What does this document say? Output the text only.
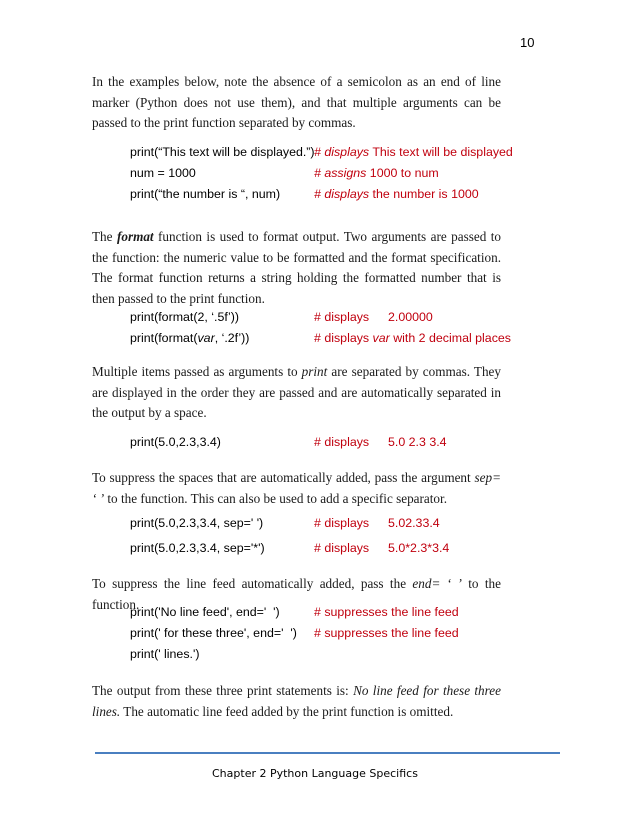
10

In the examples below, note the absence of a semicolon as an end of line marker (Python does not use them), and that multiple arguments can be passed to the print function separated by commas.

print(“This text will be displayed.”) # displays This text will be displayed
num = 1000	# assigns 1000 to num
print(“the number is “, num)	# displays the number is 1000

The format function is used to format output. Two arguments are passed to the function: the numeric value to be formatted and the format specification. The format function returns a string holding the formatted number that is then passed to the print function.

print(format(2, ‘.5f’))	# displays 2.00000
print(format(var, ‘.2f’))	# displays var with 2 decimal places

Multiple items passed as arguments to print are separated by commas. They are displayed in the order they are passed and are automatically separated in the output by a space.

print(5.0,2.3,3.4)	# displays 5.0 2.3 3.4

To suppress the spaces that are automatically added, pass the argument sep= ‘ ’ to the function. This can also be used to add a specific separator.

print(5.0,2.3,3.4, sep=' ')	# displays 5.02.33.4
print(5.0,2.3,3.4, sep='*')	# displays 5.0*2.3*3.4

To suppress the line feed automatically added, pass the end= ‘ ’ to the function.

print('No line feed', end='  ')	# suppresses the line feed
print(' for these three', end='  ') # suppresses the line feed
print(' lines.')

The output from these three print statements is: No line feed for these three lines. The automatic line feed added by the print function is omitted.

Chapter 2 Python Language Specifics
